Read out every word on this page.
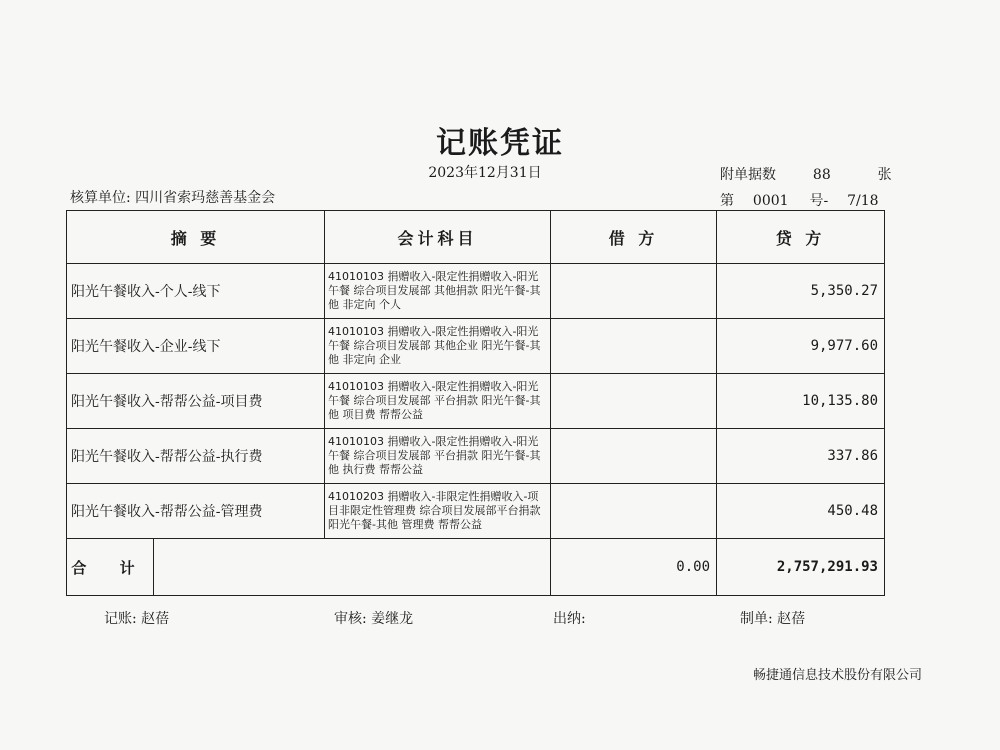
记账凭证
2023年12月31日	附单据数	88	张
第 0001 号- 7/18
核算单位: 四川省索玛慈善基金会
摘 要	会计科目	借 方	贷 方
阳光午餐收入-个人-线下	41010103 捐赠收入-限定性捐赠收入-阳光午餐 综合项目发展部 其他捐款 阳光午餐-其他 非定向 个人		5,350.27
阳光午餐收入-企业-线下	41010103 捐赠收入-限定性捐赠收入-阳光午餐 综合项目发展部 其他企业 阳光午餐-其他 非定向 企业		9,977.60
阳光午餐收入-帮帮公益-项目费	41010103 捐赠收入-限定性捐赠收入-阳光午餐 综合项目发展部 平台捐款 阳光午餐-其他 项目费 帮帮公益		10,135.80
阳光午餐收入-帮帮公益-执行费	41010103 捐赠收入-限定性捐赠收入-阳光午餐 综合项目发展部 平台捐款 阳光午餐-其他 执行费 帮帮公益		337.86
阳光午餐收入-帮帮公益-管理费	41010203 捐赠收入-非限定性捐赠收入-项目非限定性管理费 综合项目发展部平台捐款 阳光午餐-其他 管理费 帮帮公益		450.48

合 计		0.00	2,757,291.93
记账: 赵蓓	审核: 姜继龙	出纳:	制单: 赵蓓
畅捷通信息技术股份有限公司
